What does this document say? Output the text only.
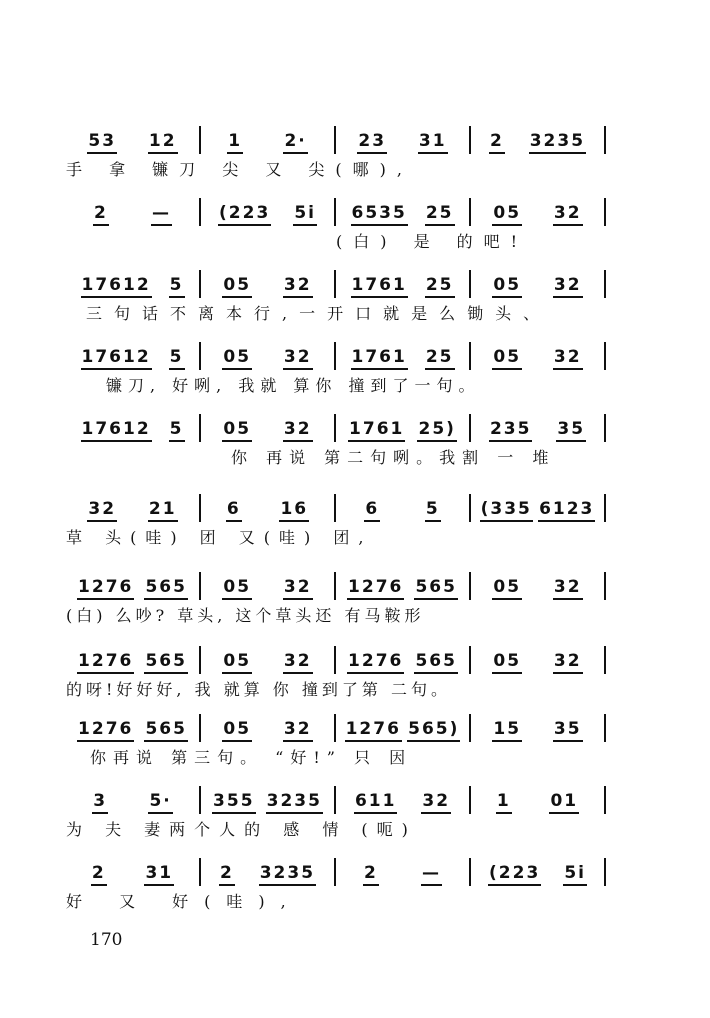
53 12	1 2·	23 31	2 3235
手 拿 镰刀 尖 又 尖(哪),
2	—	(223 5i 6535 25 05 32
(白) 是 的吧!
17612 5 05 32 1761 25 05 32
三句话不离本行,一开口就是么锄头、
17612 5 05 32 1761 25 05 32
镰刀, 好咧, 我就 算你 撞到了一句。
17612 5 05 32 1761 25) 235 35
你 再说 第二句咧。我割 一 堆
32 21	6 16	6	5 (335 6123
草 头(哇) 团 又(哇) 团,
1276 565 05 32 1276 565 05 32
(白) 么吵? 草头, 这个草头还 有马鞍形
1276 565 05 32 1276 565 05 32
的呀!好好好, 我 就算 你 撞到了第 二句。
1276 565 05 32 1276 565) 15 35
你再说 第三句。 “好!” 只 因
3 5· 355 3235 611 32	1 01
为 夫 妻两个人的 感 情 (呃)
2 31	2 3235	2	—	(223 5i
好 又 好(哇),
170
